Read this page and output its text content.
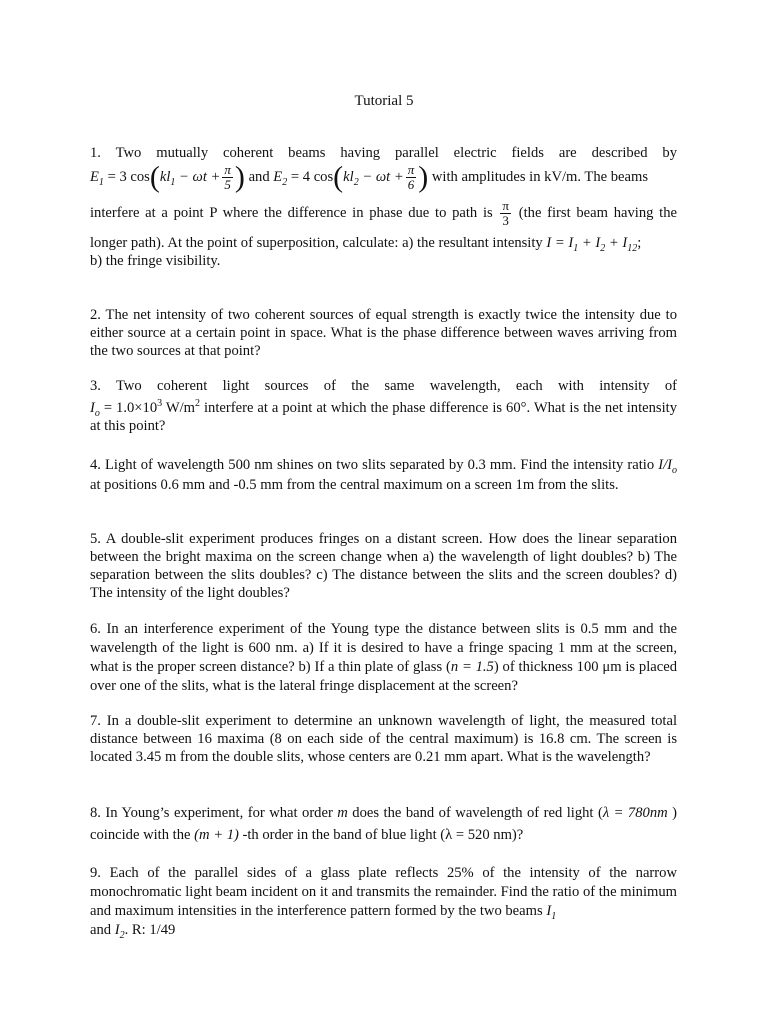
Tutorial 5
1. Two mutually coherent beams having parallel electric fields are described by
$E_1 = 3$ $\cos(kl_1 - \omega t + \frac{\pi}{5}$ ) and $E_2 = 4$ $\cos(kl_2 - \omega t + \frac{\pi}{6}$ ) with amplitudes in kV/m. The beams
interfere at a point P where the difference in phase due to path is $\frac{\pi}{3} (the$ first beam having the
longer path). At the point of superposition, calculate: a) the resultant intensity $I = I_1 + I_2 + I_{12}$;
b) the fringe visibility.

2. The net intensity of two coherent sources of equal strength is exactly twice the intensity due to either source at a certain point in space. What is the phase difference between waves arriving from the two sources at that point?

3. Two coherent light sources of the same wavelength, each with intensity of
$I_o = 1.0\times 10^3$ $W/m^2$ interfere at a point at which the phase difference is 60°. What is the net intensity at this point?

4. Light of wavelength 500 nm shines on two slits separated by 0.3 mm. Find the intensity ratio $I/I_o$ at positions 0.6 mm and -0.5 mm from the central maximum on a screen 1m from the slits.

5. A double-slit experiment produces fringes on a distant screen. How does the linear separation between the bright maxima on the screen change when a) the wavelength of light doubles? b) The separation between the slits doubles? c) The distance between the slits and the screen doubles? d) The intensity of the light doubles?

6. In an interference experiment of the Young type the distance between slits is 0.5 mm and the wavelength of the light is 600 nm. a) If it is desired to have a fringe spacing 1 mm at the screen, what is the proper screen distance? b) If a thin plate of glass (n = 1.5) of thickness 100 μm is placed over one of the slits, what is the lateral fringe displacement at the screen?

7. In a double-slit experiment to determine an unknown wavelength of light, the measured total distance between 16 maxima (8 on each side of the central maximum) is 16.8 cm. The screen is located 3.45 m from the double slits, whose centers are 0.21 mm apart. What is the wavelength?

8. In Young’s experiment, for what order m does the band of wavelength of red light (λ = 780nm ) coincide with the (m + 1) -th order in the band of blue light (λ = 520 nm)?

9. Each of the parallel sides of a glass plate reflects 25% of the intensity of the narrow monochromatic light beam incident on it and transmits the remainder. Find the ratio of the minimum and maximum intensities in the interference pattern formed by the two beams $I_1$
and $I_2$. R: 1/49
